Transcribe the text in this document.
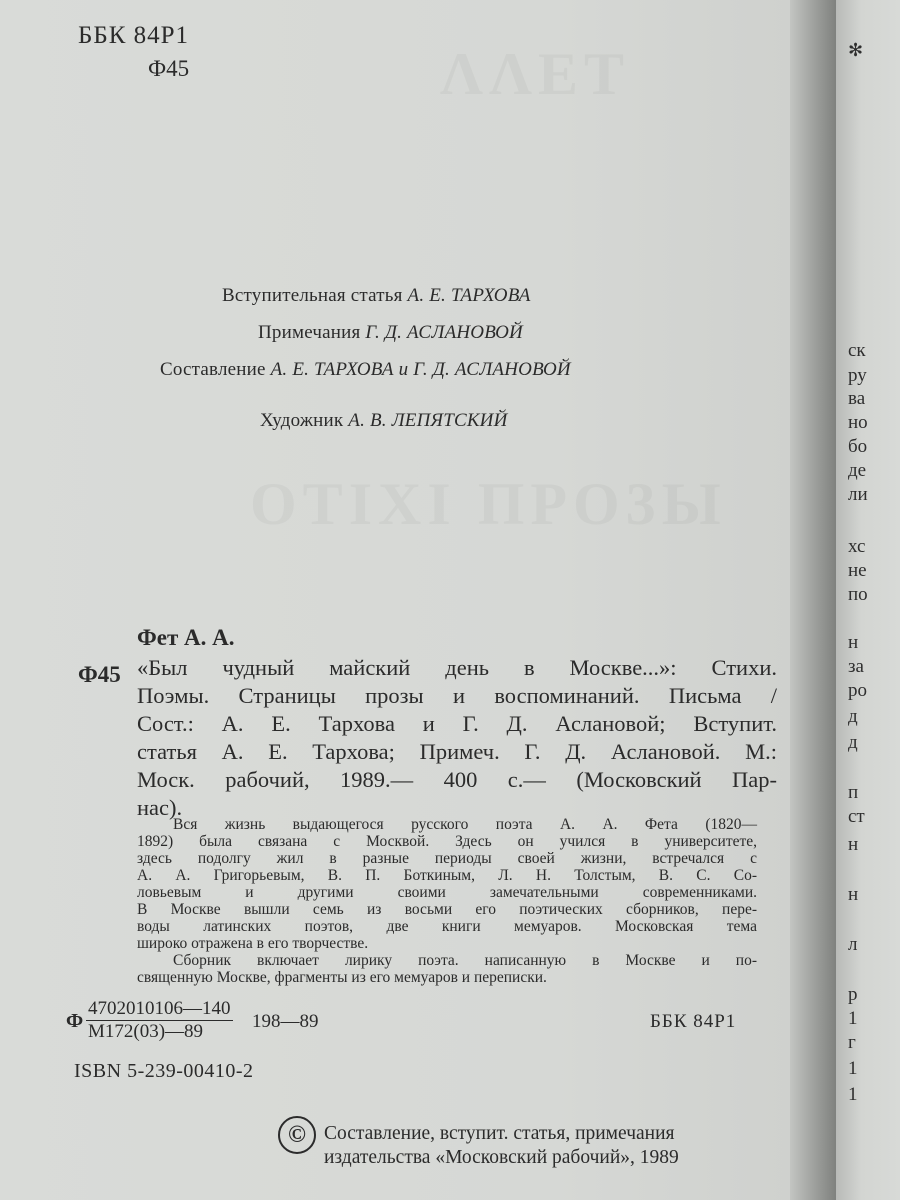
ΛΛЕТ
ΟΤΙΧΙ ΠΡΟ3Ы
ББК 84Р1
Ф45
Вступительная статья А. Е. ТАРХОВА
Примечания Г. Д. АСЛАНОВОЙ
Составление А. Е. ТАРХОВА и Г. Д. АСЛАНОВОЙ
Художник А. В. ЛЕПЯТСКИЙ
Фет А. А.
Ф45 «Был чудный майский день в Москве...»: Стихи.
Поэмы. Страницы прозы и воспоминаний. Письма /
Сост.: А. Е. Тархова и Г. Д. Аслановой; Вступит.
статья А. Е. Тархова; Примеч. Г. Д. Аслановой. М.:
Моск. рабочий, 1989.— 400 с.— (Московский Пар-
нас).
Вся жизнь выдающегося русского поэта А. А. Фета (1820—
1892) была связана с Москвой. Здесь он учился в университете,
здесь подолгу жил в разные периоды своей жизни, встречался с
А. А. Григорьевым, В. П. Боткиным, Л. Н. Толстым, В. С. Со-
ловьевым и другими своими замечательными современниками.
В Москве вышли семь из восьми его поэтических сборников, пере-
воды латинских поэтов, две книги мемуаров. Московская тема
широко отражена в его творчестве.
Сборник включает лирику поэта. написанную в Москве и по-
священную Москве, фрагменты из его мемуаров и переписки.
Ф
4702010106—140
М172(03)—89	198—89	ББК 84Р1
ISBN 5-239-00410-2
© Составление, вступит. статья, примечания
издательства «Московский рабочий», 1989
✻
ск
ру
ва
но
бо
де
ли
хс
не
по
н
за
ро
д
д
п
ст
н
н
л
р
1
г
1
1
